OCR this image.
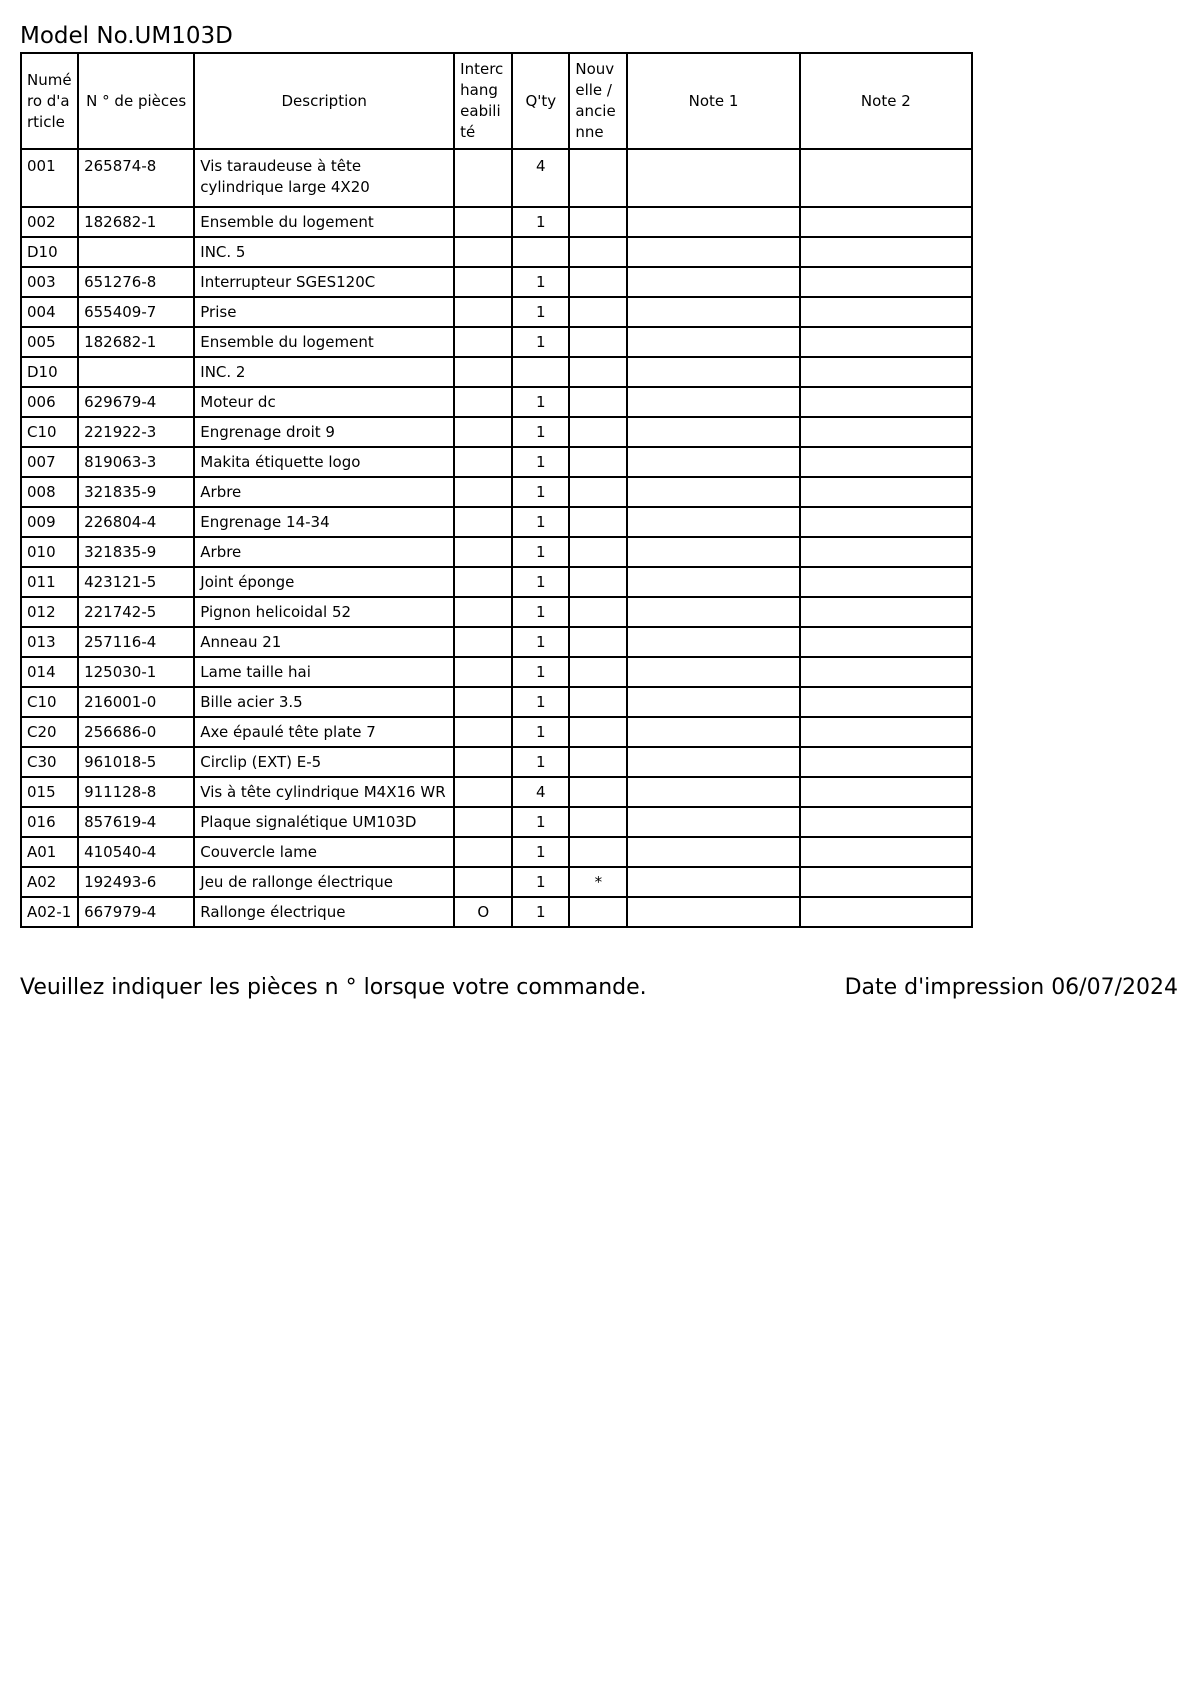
Model No.UM103D
Numéro d'article	N ° de pièces	Description	Interchangeabilité	Q'ty	Nouvelle / ancienne	Note 1	Note 2
001	265874-8	Vis taraudeuse à tête cylindrique large 4X20		4			
002	182682-1	Ensemble du logement		1			
D10		INC. 5					
003	651276-8	Interrupteur SGES120C		1			
004	655409-7	Prise		1			
005	182682-1	Ensemble du logement		1			
D10		INC. 2					
006	629679-4	Moteur dc		1			
C10	221922-3	Engrenage droit 9		1			
007	819063-3	Makita étiquette logo		1			
008	321835-9	Arbre		1			
009	226804-4	Engrenage 14-34		1			
010	321835-9	Arbre		1			
011	423121-5	Joint éponge		1			
012	221742-5	Pignon helicoidal 52		1			
013	257116-4	Anneau 21		1			
014	125030-1	Lame taille hai		1			
C10	216001-0	Bille acier 3.5		1			
C20	256686-0	Axe épaulé tête plate 7		1			
C30	961018-5	Circlip (EXT) E-5		1			
015	911128-8	Vis à tête cylindrique M4X16 WR		4			
016	857619-4	Plaque signalétique UM103D		1			
A01	410540-4	Couvercle lame		1			
A02	192493-6	Jeu de rallonge électrique		1	*		
A02-1	667979-4	Rallonge électrique	O	1			
Veuillez indiquer les pièces n ° lorsque votre commande.	Date d'impression 06/07/2024
